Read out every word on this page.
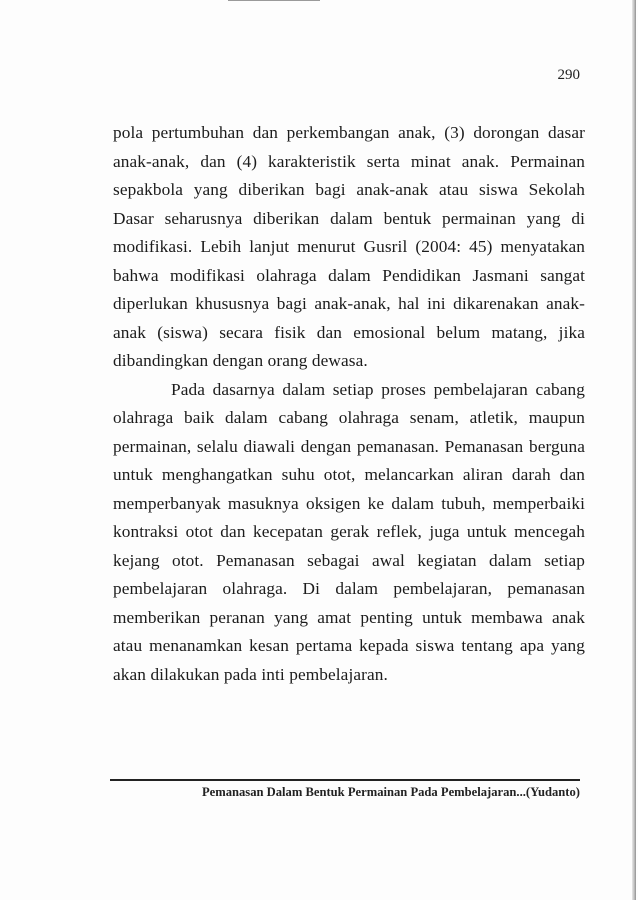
290

pola pertumbuhan dan perkembangan anak, (3) dorongan dasar anak-anak, dan (4) karakteristik serta minat anak. Permainan sepakbola yang diberikan bagi anak-anak atau siswa Sekolah Dasar seharusnya diberikan dalam bentuk permainan yang di modifikasi. Lebih lanjut menurut Gusril (2004: 45) menyatakan bahwa modifikasi olahraga dalam Pendidikan Jasmani sangat diperlukan khususnya bagi anak-anak, hal ini dikarenakan anak-anak (siswa) secara fisik dan emosional belum matang, jika dibandingkan dengan orang dewasa.

Pada dasarnya dalam setiap proses pembelajaran cabang olahraga baik dalam cabang olahraga senam, atletik, maupun permainan, selalu diawali dengan pemanasan. Pemanasan berguna untuk menghangatkan suhu otot, melancarkan aliran darah dan memperbanyak masuknya oksigen ke dalam tubuh, memperbaiki kontraksi otot dan kecepatan gerak reflek, juga untuk mencegah kejang otot. Pemanasan sebagai awal kegiatan dalam setiap pembelajaran olahraga. Di dalam pembelajaran, pemanasan memberikan peranan yang amat penting untuk membawa anak atau menanamkan kesan pertama kepada siswa tentang apa yang akan dilakukan pada inti pembelajaran.

Pemanasan Dalam Bentuk Permainan Pada Pembelajaran...(Yudanto)
